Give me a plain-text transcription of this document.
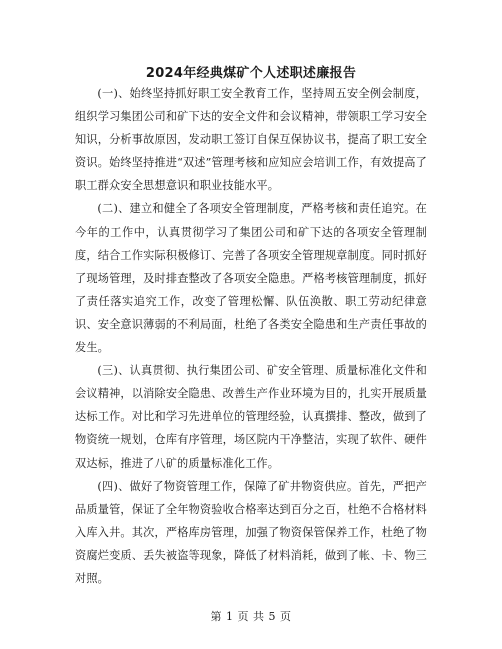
2024年经典煤矿个人述职述廉报告

(一)、始终坚持抓好职工安全教育工作，坚持周五安全例会制度，组织学习集团公司和矿下达的安全文件和会议精神，带领职工学习安全知识，分析事故原因，发动职工签订自保互保协议书，提高了职工安全资识。始终坚持推进“双述”管理考核和应知应会培训工作，有效提高了职工群众安全思想意识和职业技能水平。

(二)、建立和健全了各项安全管理制度，严格考核和责任追究。在今年的工作中，认真贯彻学习了集团公司和矿下达的各项安全管理制度，结合工作实际积极修订、完善了各项安全管理规章制度。同时抓好了现场管理，及时排查整改了各项安全隐患。严格考核管理制度，抓好了责任落实追究工作，改变了管理松懈、队伍涣散、职工劳动纪律意识、安全意识薄弱的不利局面，杜绝了各类安全隐患和生产责任事故的发生。

(三)、认真贯彻、执行集团公司、矿安全管理、质量标准化文件和会议精神，以消除安全隐患、改善生产作业环境为目的，扎实开展质量达标工作。对比和学习先进单位的管理经验，认真撰排、整改，做到了物资统一规划，仓库有序管理，场区院内干净整洁，实现了软件、硬件双达标，推进了八矿的质量标准化工作。

(四)、做好了物资管理工作，保障了矿井物资供应。首先，严把产品质量管，保证了全年物资验收合格率达到百分之百，杜绝不合格材料入库入井。其次，严格库房管理，加强了物资保管保养工作，杜绝了物资腐烂变质、丢失被盗等现象，降低了材料消耗，做到了帐、卡、物三对照。

第 1 页 共 5 页
